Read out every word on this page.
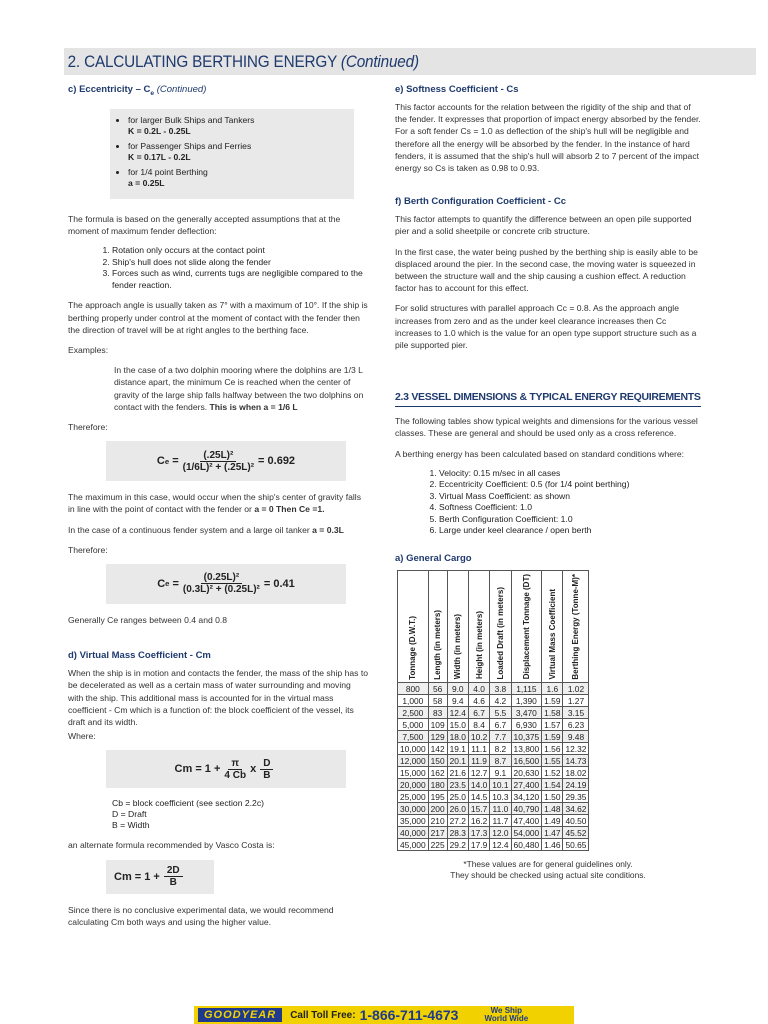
2. CALCULATING BERTHING ENERGY (Continued)
c) Eccentricity – $C_e$ (Continued)
• for larger Bulk Ships and Tankers
K = 0.2L - 0.25L
• for Passenger Ships and Ferries
K = 0.17L - 0.2L
• for 1/4 point Berthing
a = 0.25L

The formula is based on the generally accepted assumptions that at the moment of maximum fender deflection:

1. Rotation only occurs at the contact point
2. Ship's hull does not slide along the fender
3. Forces such as wind, currents tugs are negligible compared to the fender reaction.

The approach angle is usually taken as 7° with a maximum of 10°. If the ship is berthing properly under control at the moment of contact with the fender then the direction of travel will be at right angles to the berthing face.

Examples:

In the case of a two dolphin mooring where the dolphins are 1/3 L distance apart, the minimum Ce is reached when the center of gravity of the large ship falls halfway between the two dolphins on contact with the fenders. This is when a = 1/6 L

Therefore:

C $e = \frac{\text{(.25L)²}}{\text{(1/6L)² + (.25L)²}} = 0.692$

The maximum in this case, would occur when the ship's center of gravity falls in line with the point of contact with the fender or a = 0 Then Ce =1.

In the case of a continuous fender system and a large oil tanker a = 0.3L

Therefore:

C $e = \frac{\text{(0.25L)²}}{\text{(0.3L)² + (0.25L)²}} = 0.41$

Generally Ce ranges between 0.4 and 0.8

d) Virtual Mass Coefficient - Cm

When the ship is in motion and contacts the fender, the mass of the ship has to be decelerated as well as a certain mass of water surrounding and moving with the ship. This additional mass is accounted for in the virtual mass coefficient - Cm which is a function of: the block coefficient of the vessel, its draft and its width.

Where:

$Cm = 1 + \frac{\pi}{4 Cb}$ x $\frac{D}{B}$
Cb = block coefficient (see section 2.2c)
D = Draft
B = Width

an alternate formula recommended by Vasco Costa is:

$Cm = 1 + \frac{2D}{B}$

Since there is no conclusive experimental data, we would recommend calculating Cm both ways and using the higher value.

e) Softness Coefficient - Cs

This factor accounts for the relation between the rigidity of the ship and that of the fender. It expresses that proportion of impact energy absorbed by the fender. For a soft fender Cs = 1.0 as deflection of the ship's hull will be negligible and therefore all the energy will be absorbed by the fender. In the instance of hard fenders, it is assumed that the ship's hull will absorb 2 to 7 percent of the impact energy so Cs is taken as 0.98 to 0.93.

f) Berth Configuration Coefficient - Cc

This factor attempts to quantify the difference between an open pile supported pier and a solid sheetpile or concrete crib structure.

In the first case, the water being pushed by the berthing ship is easily able to be displaced around the pier. In the second case, the moving water is squeezed in between the structure wall and the ship causing a cushion effect. A reduction factor has to account for this effect.

For solid structures with parallel approach Cc = 0.8. As the approach angle increases from zero and as the under keel clearance increases then Cc increases to 1.0 which is the value for an open type support structure such as a pile supported pier.

2.3 VESSEL DIMENSIONS & TYPICAL ENERGY REQUIREMENTS

The following tables show typical weights and dimensions for the various vessel classes. These are general and should be used only as a cross reference.

A berthing energy has been calculated based on standard conditions where:

1. Velocity: 0.15 m/sec in all cases
2. Eccentricity Coefficient: 0.5 (for 1/4 point berthing)
3. Virtual Mass Coefficient: as shown
4. Softness Coefficient: 1.0
5. Berth Configuration Coefficient: 1.0
6. Large under keel clearance / open berth
a) General Cargo
Tonnage (D.W.T.)	Length (in meters)	Width (in meters)	Height (in meters)	Loaded Draft (in meters)	Displacement Tonnage (DT)	Virtual Mass Coefficient	Berthing Energy (Tonne-M)*

800	56	9.0	4.0	3.8	1,115	1.6	1.02
1,000	58	9.4	4.6	4.2	1,390	1.59	1.27
2,500	83	12.4	6.7	5.5	3,470	1.58	3.15
5,000	109	15.0	8.4	6.7	6,930	1.57	6.23
7,500	129	18.0	10.2	7.7	10,375	1.59	9.48
10,000	142	19.1	11.1	8.2	13,800	1.56	12.32
12,000	150	20.1	11.9	8.7	16,500	1.55	14.73
15,000	162	21.6	12.7	9.1	20,630	1.52	18.02
20,000	180	23.5	14.0	10.1	27,400	1.54	24.19
25,000	195	25.0	14.5	10.3	34,120	1.50	29.35
30,000	200	26.0	15.7	11.0	40,790	1.48	34.62
35,000	210	27.2	16.2	11.7	47,400	1.49	40.50
40,000	217	28.3	17.3	12.0	54,000	1.47	45.52
45,000	225	29.2	17.9	12.4	60,480	1.46	50.65
*These values are for general guidelines only.
They should be checked using actual site conditions.
GOODYEAR	Call Toll Free: 1-866-711-4673	We Ship
World Wide
